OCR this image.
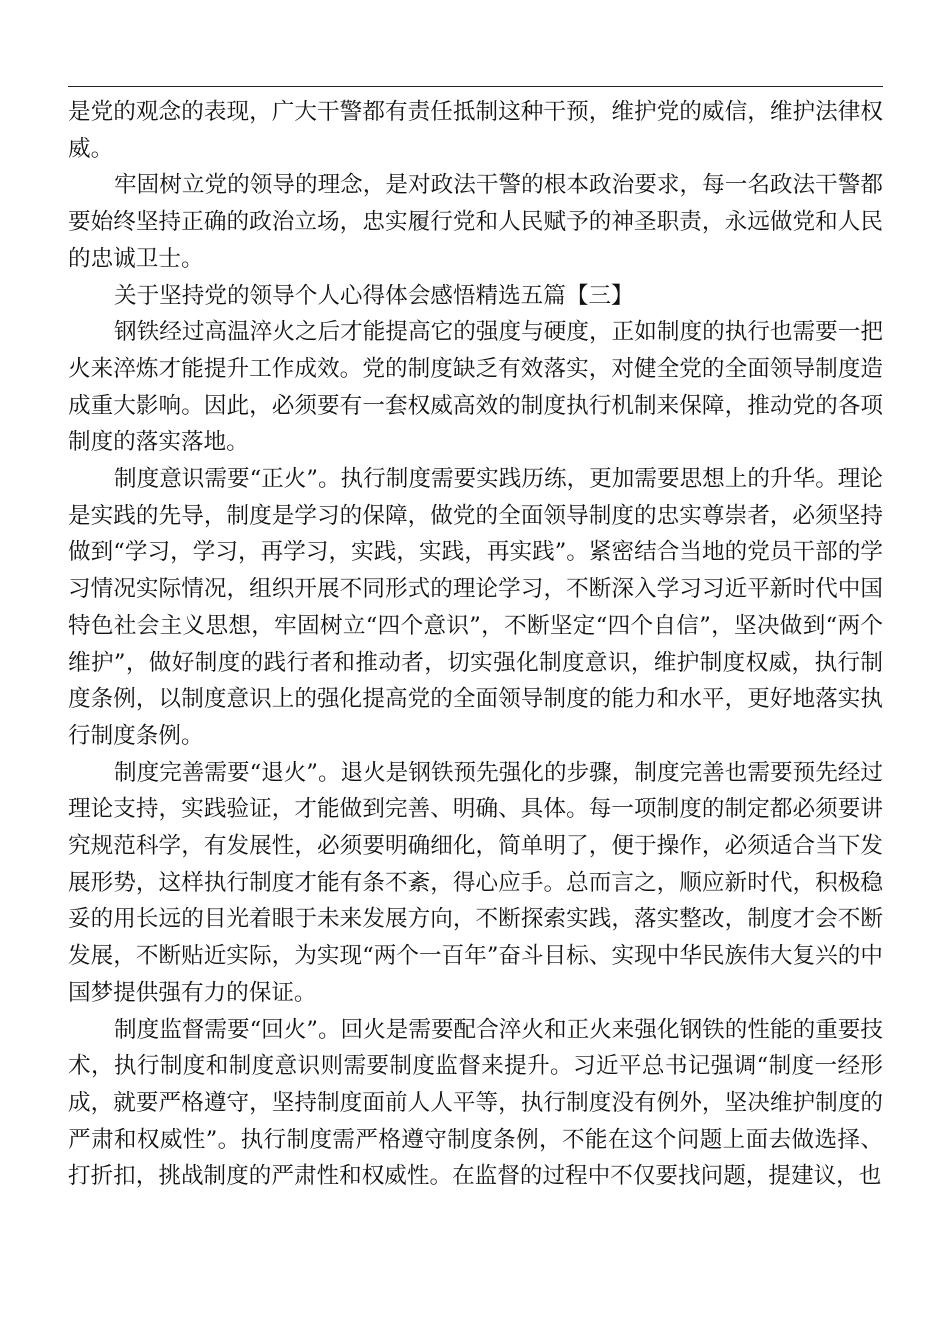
是党的观念的表现，广大干警都有责任抵制这种干预，维护党的威信，维护法律权威。

牢固树立党的领导的理念，是对政法干警的根本政治要求，每一名政法干警都要始终坚持正确的政治立场，忠实履行党和人民赋予的神圣职责，永远做党和人民的忠诚卫士。

关于坚持党的领导个人心得体会感悟精选五篇【三】

钢铁经过高温淬火之后才能提高它的强度与硬度，正如制度的执行也需要一把火来淬炼才能提升工作成效。党的制度缺乏有效落实，对健全党的全面领导制度造成重大影响。因此，必须要有一套权威高效的制度执行机制来保障，推动党的各项制度的落实落地。

制度意识需要“正火”。执行制度需要实践历练，更加需要思想上的升华。理论是实践的先导，制度是学习的保障，做党的全面领导制度的忠实尊崇者，必须坚持做到“学习，学习，再学习，实践，实践，再实践”。紧密结合当地的党员干部的学习情况实际情况，组织开展不同形式的理论学习，不断深入学习习近平新时代中国特色社会主义思想，牢固树立“四个意识”，不断坚定“四个自信”，坚决做到“两个维护”，做好制度的践行者和推动者，切实强化制度意识，维护制度权威，执行制度条例，以制度意识上的强化提高党的全面领导制度的能力和水平，更好地落实执行制度条例。

制度完善需要“退火”。退火是钢铁预先强化的步骤，制度完善也需要预先经过理论支持，实践验证，才能做到完善、明确、具体。每一项制度的制定都必须要讲究规范科学，有发展性，必须要明确细化，简单明了，便于操作，必须适合当下发展形势，这样执行制度才能有条不紊，得心应手。总而言之，顺应新时代，积极稳妥的用长远的目光着眼于未来发展方向，不断探索实践，落实整改，制度才会不断发展，不断贴近实际，为实现“两个一百年”奋斗目标、实现中华民族伟大复兴的中国梦提供强有力的保证。

制度监督需要“回火”。回火是需要配合淬火和正火来强化钢铁的性能的重要技术，执行制度和制度意识则需要制度监督来提升。习近平总书记强调“制度一经形成，就要严格遵守，坚持制度面前人人平等，执行制度没有例外，坚决维护制度的严肃和权威性”。执行制度需严格遵守制度条例，不能在这个问题上面去做选择、打折扣，挑战制度的严肃性和权威性。在监督的过程中不仅要找问题，提建议，也
